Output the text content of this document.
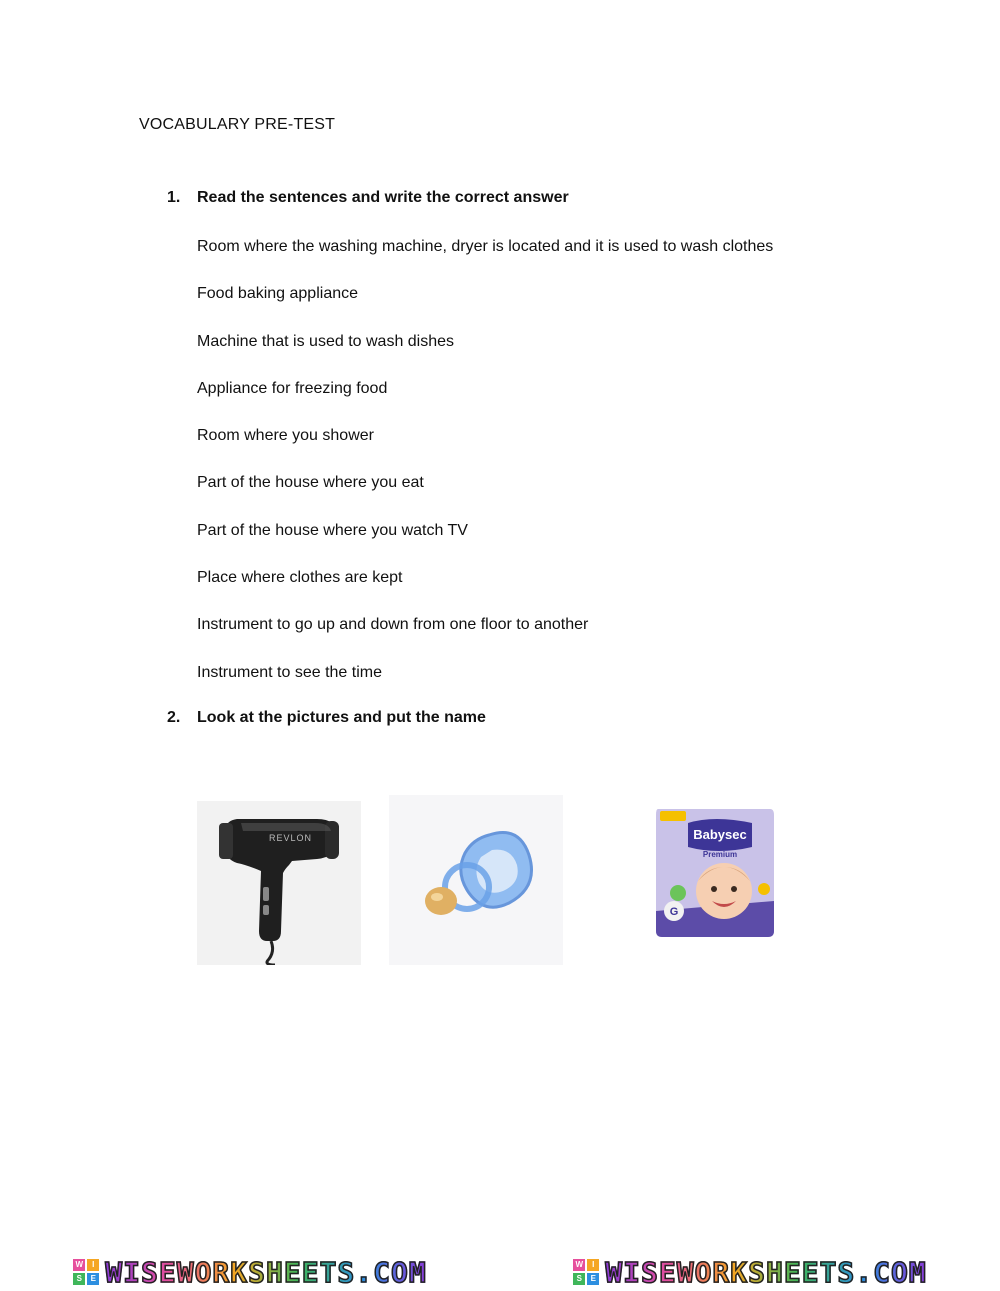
VOCABULARY PRE-TEST
1. Read the sentences and write the correct answer
Room where the washing machine, dryer is located and it is used to wash clothes
Food baking appliance
Machine that is used to wash dishes
Appliance for freezing food
Room where you shower
Part of the house where you eat
Part of the house where you watch TV
Place where clothes are kept
Instrument to go up and down from one floor to another
Instrument to see the time
2. Look at the pictures and put the name
REVLON	Babysec
Premium
G
W	I
S	E WISEWORKSHEETS.COM	W	I
S	E WISEWORKSHEETS.COM
